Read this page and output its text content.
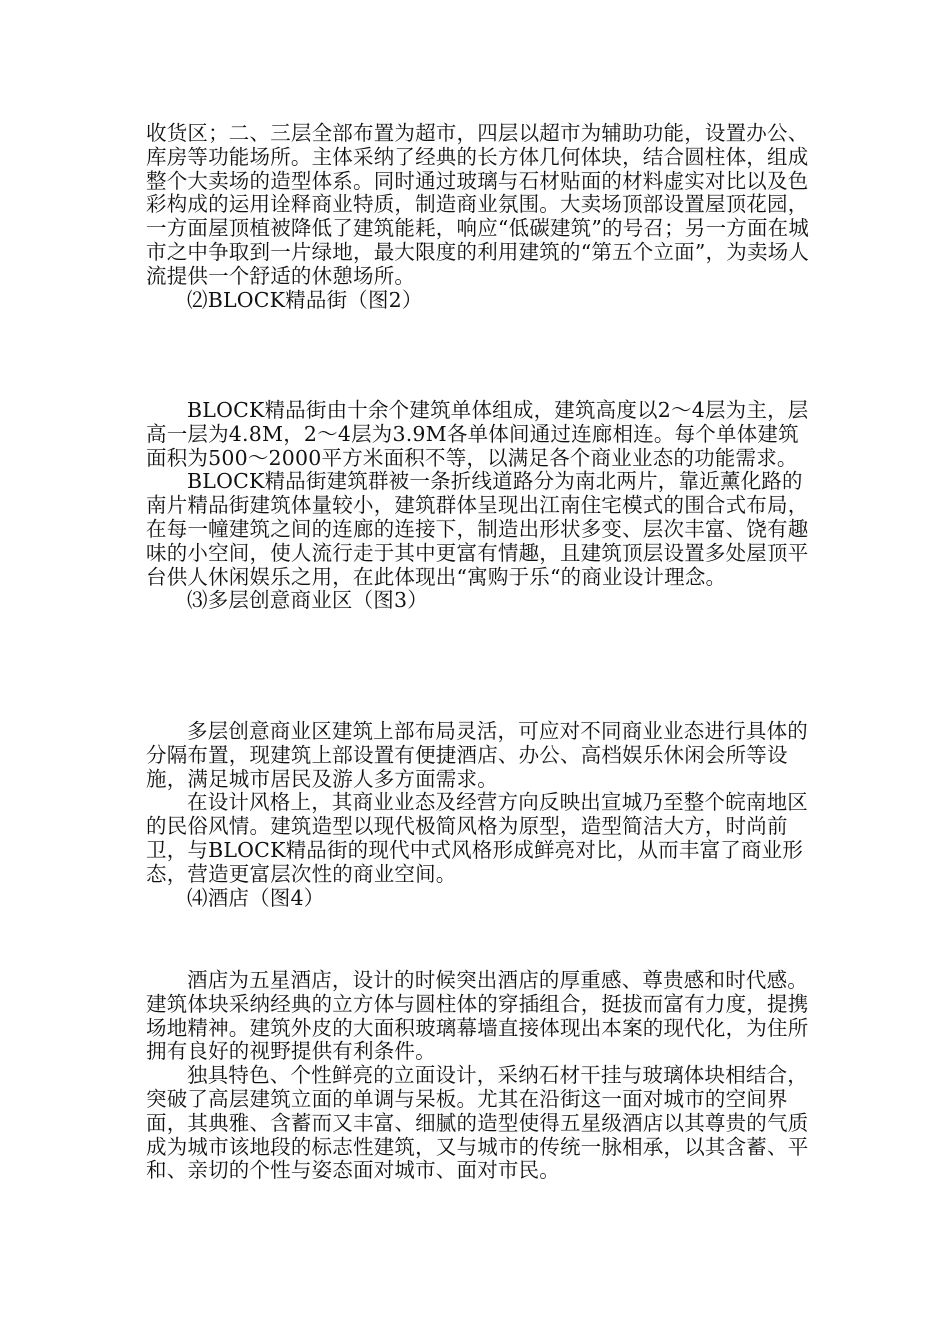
收货区；二、三层全部布置为超市，四层以超市为辅助功能，设置办公、库房等功能场所。主体采纳了经典的长方体几何体块，结合圆柱体，组成整个大卖场的造型体系。同时通过玻璃与石材贴面的材料虚实对比以及色彩构成的运用诠释商业特质，制造商业氛围。大卖场顶部设置屋顶花园，一方面屋顶植被降低了建筑能耗，响应“低碳建筑”的号召；另一方面在城市之中争取到一片绿地，最大限度的利用建筑的“第五个立面”，为卖场人流提供一个舒适的休憩场所。

⑵BLOCK精品街（图2）

BLOCK精品街由十余个建筑单体组成，建筑高度以2～4层为主，层高一层为4.8M，2～4层为3.9M各单体间通过连廊相连。每个单体建筑面积为500～2000平方米面积不等，以满足各个商业业态的功能需求。

BLOCK精品街建筑群被一条折线道路分为南北两片，靠近薰化路的南片精品街建筑体量较小，建筑群体呈现出江南住宅模式的围合式布局，在每一幢建筑之间的连廊的连接下，制造出形状多变、层次丰富、饶有趣味的小空间，使人流行走于其中更富有情趣，且建筑顶层设置多处屋顶平台供人休闲娱乐之用，在此体现出“寓购于乐“的商业设计理念。

⑶多层创意商业区（图3）

多层创意商业区建筑上部布局灵活，可应对不同商业业态进行具体的分隔布置，现建筑上部设置有便捷酒店、办公、高档娱乐休闲会所等设施，满足城市居民及游人多方面需求。

在设计风格上，其商业业态及经营方向反映出宣城乃至整个皖南地区的民俗风情。建筑造型以现代极简风格为原型，造型简洁大方，时尚前卫，与BLOCK精品街的现代中式风格形成鲜亮对比，从而丰富了商业形态，营造更富层次性的商业空间。

⑷酒店（图4）

酒店为五星酒店，设计的时候突出酒店的厚重感、尊贵感和时代感。建筑体块采纳经典的立方体与圆柱体的穿插组合，挺拔而富有力度，提携场地精神。建筑外皮的大面积玻璃幕墙直接体现出本案的现代化，为住所拥有良好的视野提供有利条件。

独具特色、个性鲜亮的立面设计，采纳石材干挂与玻璃体块相结合，突破了高层建筑立面的单调与呆板。尤其在沿街这一面对城市的空间界面，其典雅、含蓄而又丰富、细腻的造型使得五星级酒店以其尊贵的气质成为城市该地段的标志性建筑，又与城市的传统一脉相承，以其含蓄、平和、亲切的个性与姿态面对城市、面对市民。
